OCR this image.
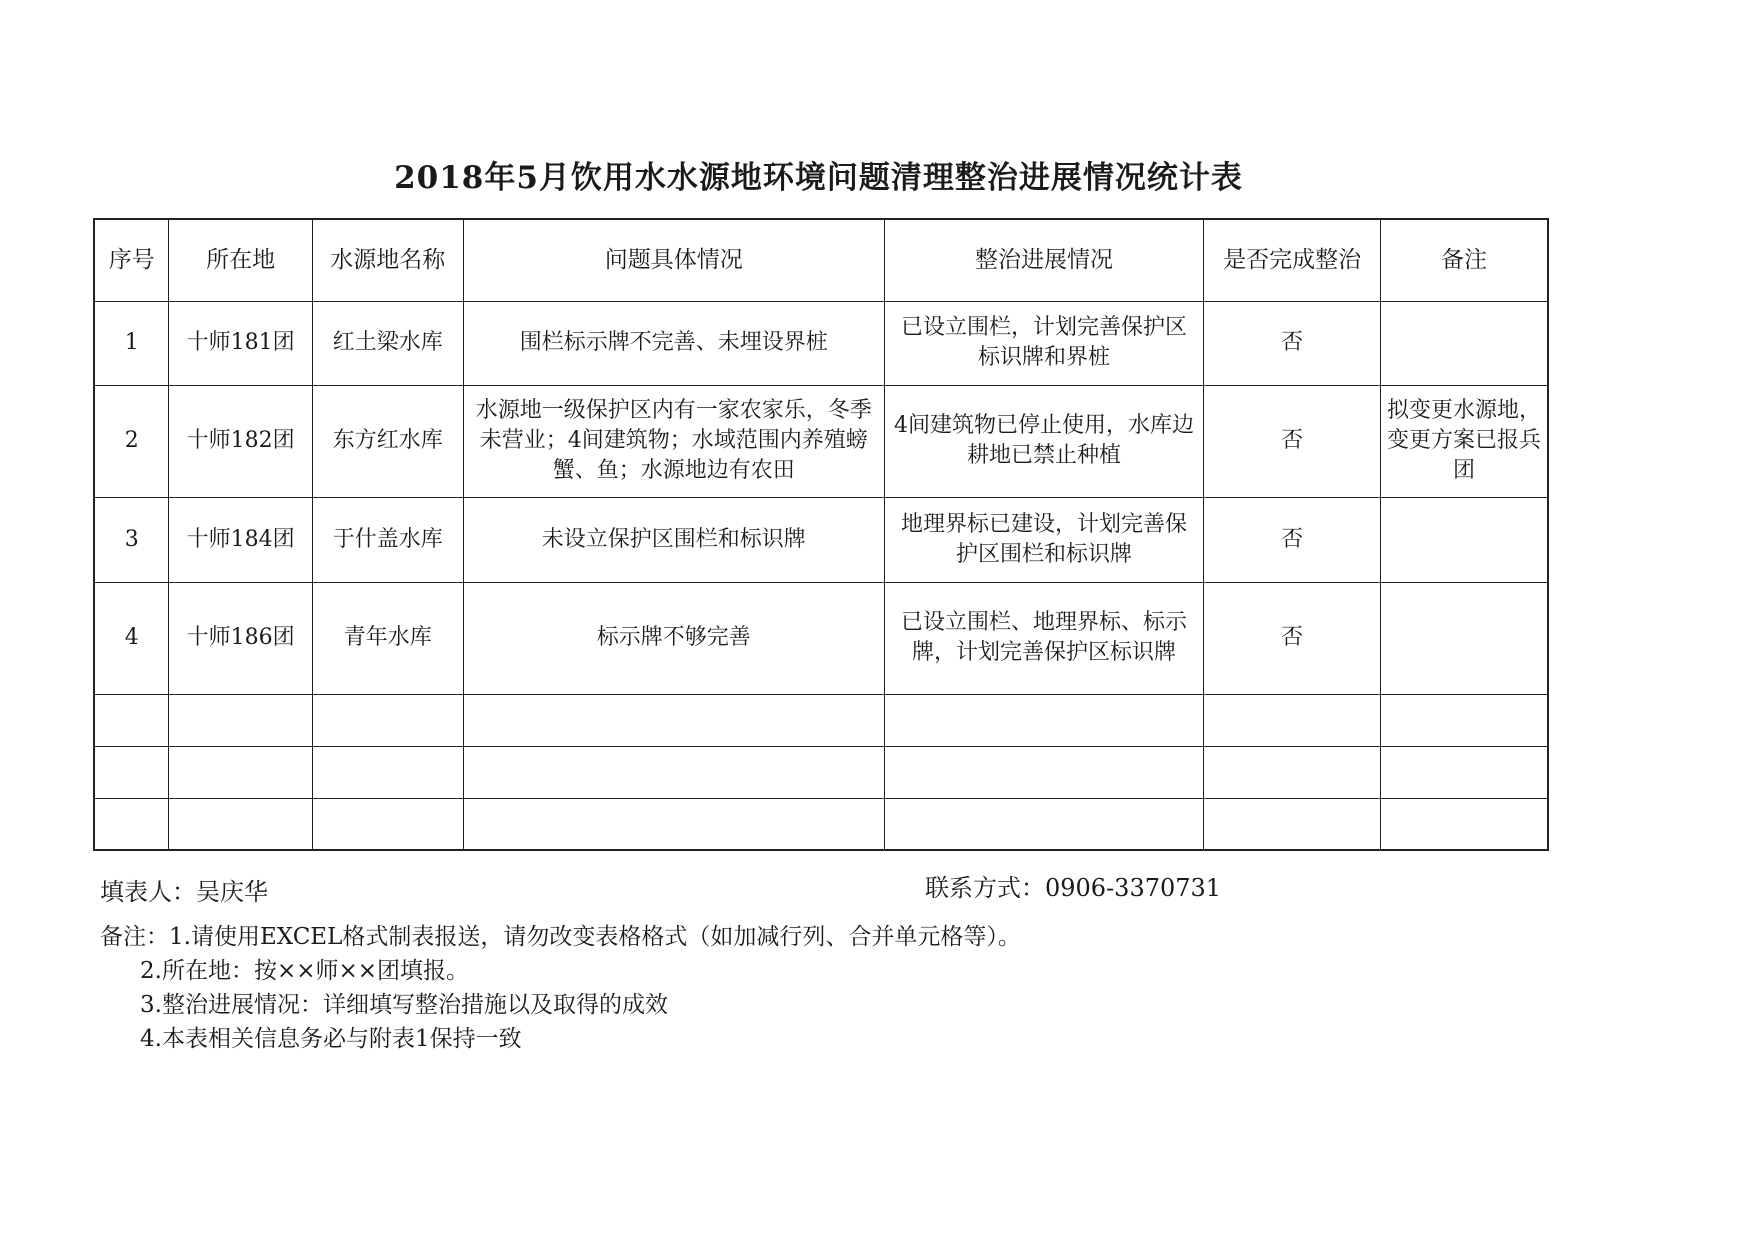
2018年5月饮用水水源地环境问题清理整治进展情况统计表
序号	所在地	水源地名称	问题具体情况	整治进展情况	是否完成整治	备注
1	十师181团	红土梁水库	围栏标示牌不完善、未埋设界桩	已设立围栏，计划完善保护区标识牌和界桩	否	
2	十师182团	东方红水库	水源地一级保护区内有一家农家乐，冬季未营业；4间建筑物；水域范围内养殖螃蟹、鱼；水源地边有农田	4间建筑物已停止使用，水库边耕地已禁止种植	否	拟变更水源地，变更方案已报兵团
3	十师184团	于什盖水库	未设立保护区围栏和标识牌	地理界标已建设，计划完善保护区围栏和标识牌	否	
4	十师186团	青年水库	标示牌不够完善	已设立围栏、地理界标、标示牌，计划完善保护区标识牌	否	

填表人：吴庆华	联系方式：0906-3370731
备注：1.请使用EXCEL格式制表报送，请勿改变表格格式（如加减行列、合并单元格等）。
2.所在地：按××师××团填报。
3.整治进展情况：详细填写整治措施以及取得的成效
4.本表相关信息务必与附表1保持一致
